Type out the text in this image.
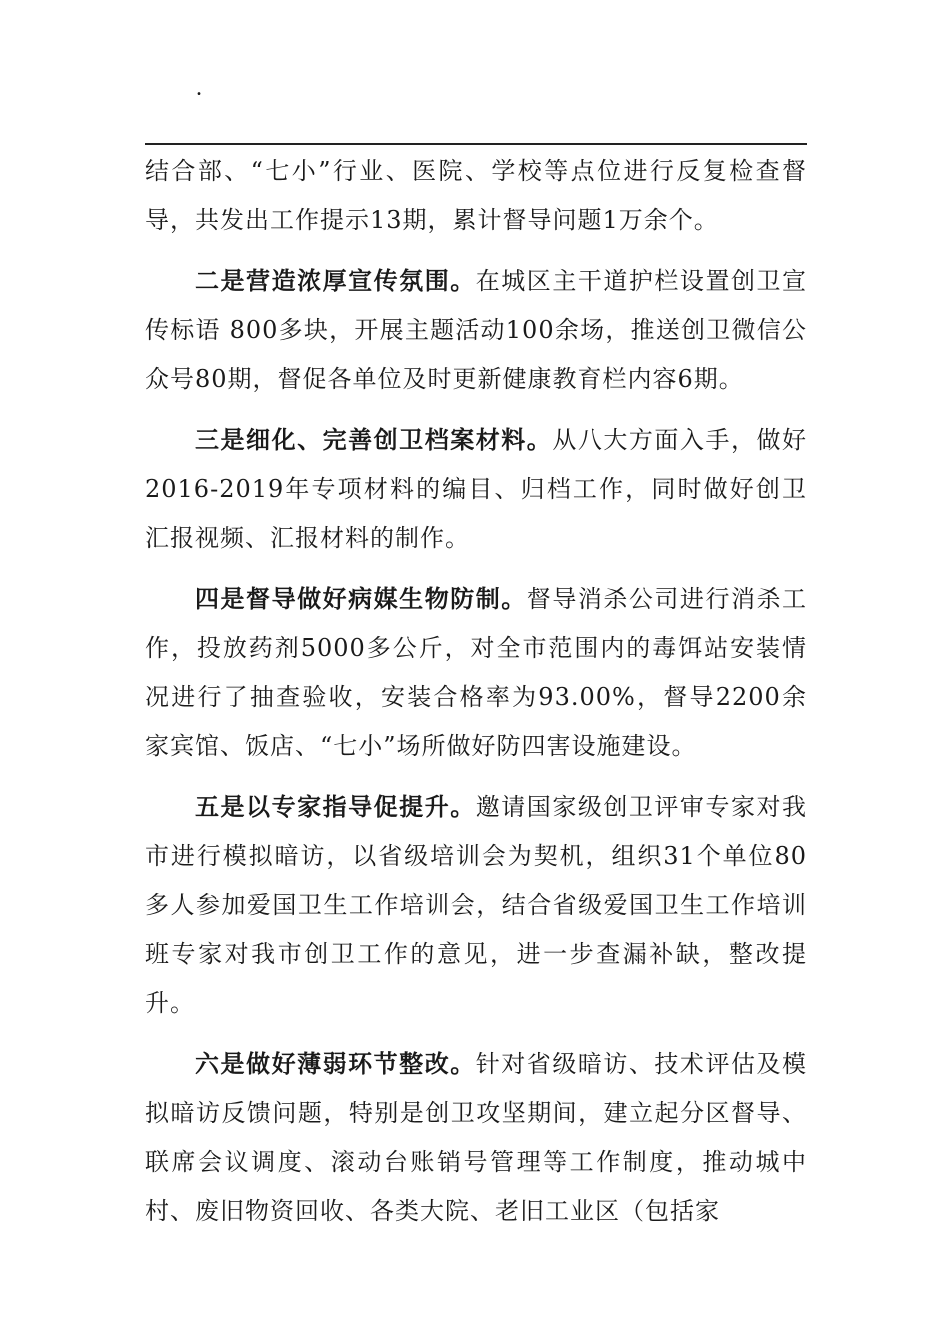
.

结合部、“七小”行业、医院、学校等点位进行反复检查督导，共发出工作提示13期，累计督导问题1万余个。

二是营造浓厚宣传氛围。在城区主干道护栏设置创卫宣传标语 800多块，开展主题活动100余场，推送创卫微信公众号80期，督促各单位及时更新健康教育栏内容6期。

三是细化、完善创卫档案材料。从八大方面入手，做好2016-2019年专项材料的编目、归档工作，同时做好创卫汇报视频、汇报材料的制作。

四是督导做好病媒生物防制。督导消杀公司进行消杀工作，投放药剂5000多公斤，对全市范围内的毒饵站安装情况进行了抽查验收，安装合格率为93.00%，督导2200余家宾馆、饭店、“七小”场所做好防四害设施建设。

五是以专家指导促提升。邀请国家级创卫评审专家对我市进行模拟暗访，以省级培训会为契机，组织31个单位80多人参加爱国卫生工作培训会，结合省级爱国卫生工作培训班专家对我市创卫工作的意见，进一步查漏补缺，整改提升。

六是做好薄弱环节整改。针对省级暗访、技术评估及模拟暗访反馈问题，特别是创卫攻坚期间，建立起分区督导、联席会议调度、滚动台账销号管理等工作制度，推动城中村、废旧物资回收、各类大院、老旧工业区（包括家
